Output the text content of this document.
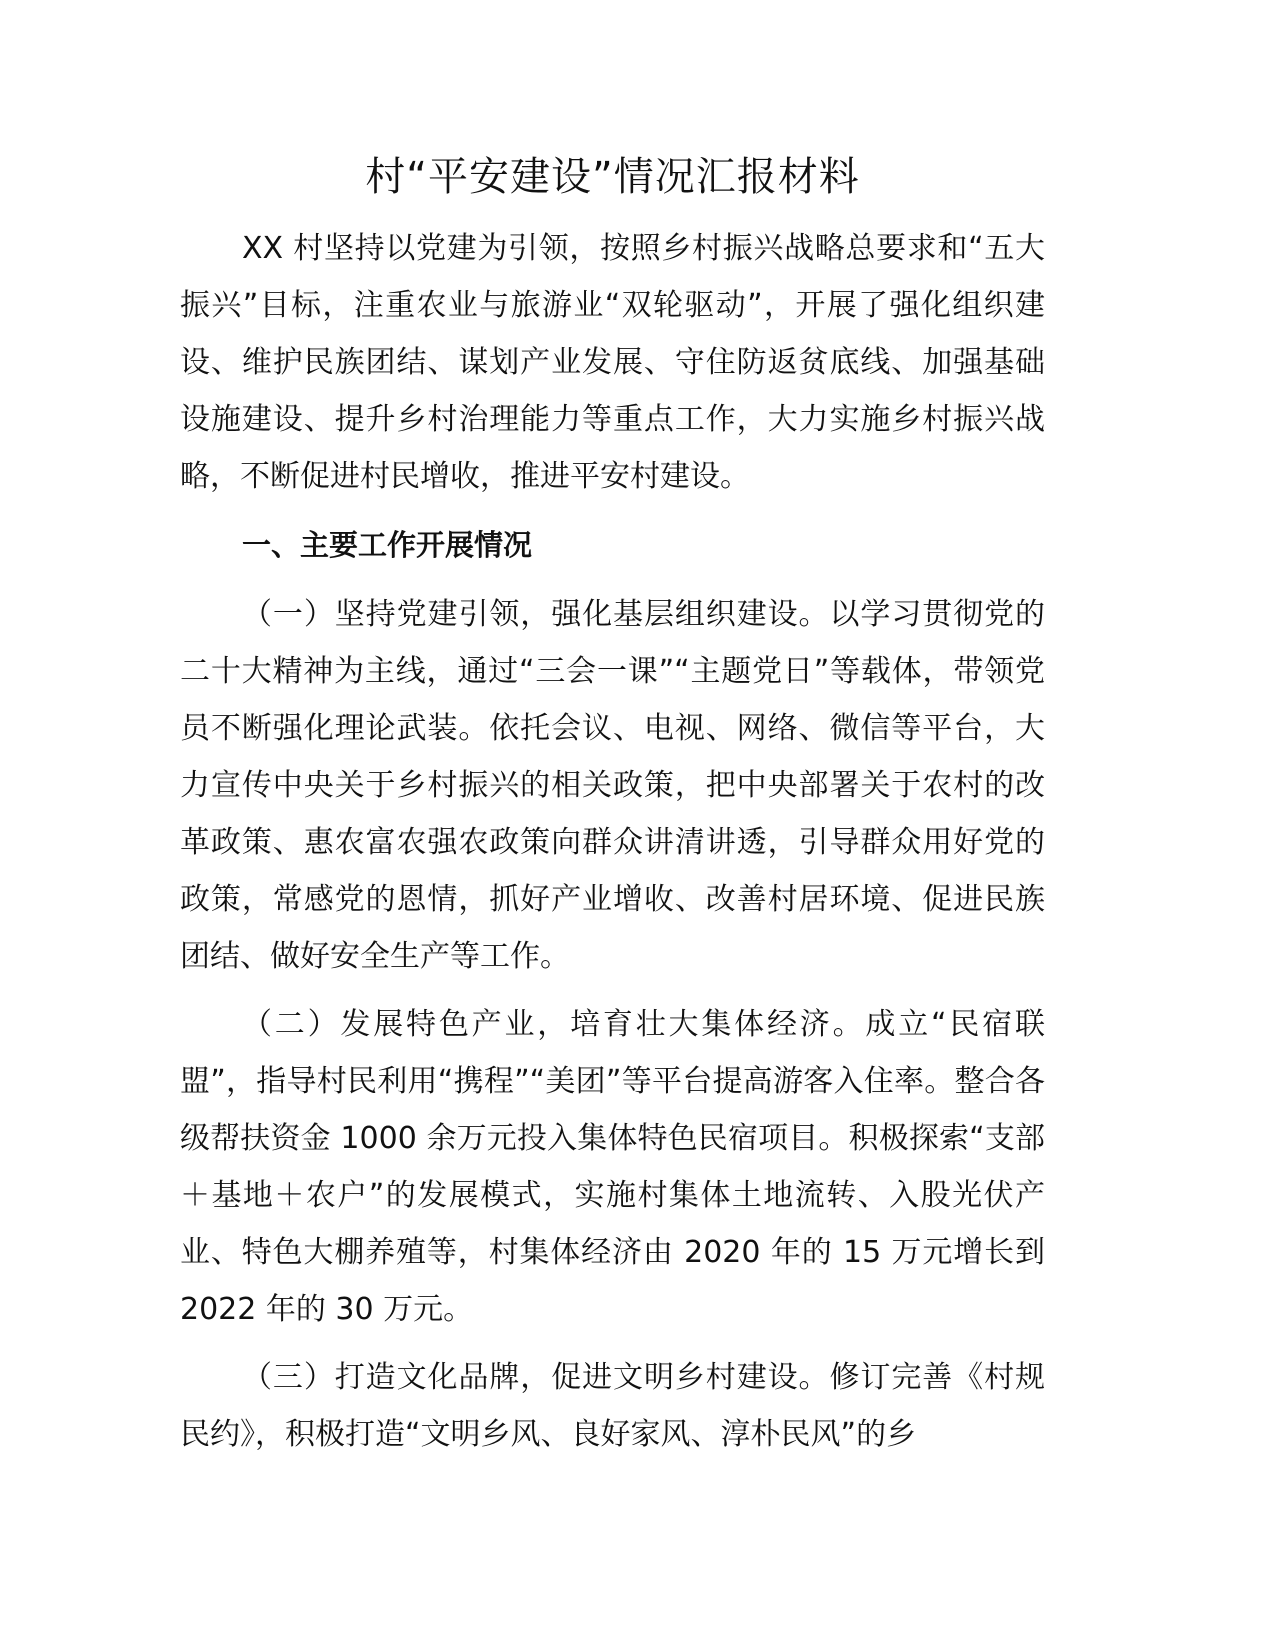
村“平安建设”情况汇报材料

XX 村坚持以党建为引领，按照乡村振兴战略总要求和“五大振兴”目标，注重农业与旅游业“双轮驱动”，开展了强化组织建设、维护民族团结、谋划产业发展、守住防返贫底线、加强基础设施建设、提升乡村治理能力等重点工作，大力实施乡村振兴战略，不断促进村民增收，推进平安村建设。

一、主要工作开展情况

（一）坚持党建引领，强化基层组织建设。以学习贯彻党的二十大精神为主线，通过“三会一课”“主题党日”等载体，带领党员不断强化理论武装。依托会议、电视、网络、微信等平台，大力宣传中央关于乡村振兴的相关政策，把中央部署关于农村的改革政策、惠农富农强农政策向群众讲清讲透，引导群众用好党的政策，常感党的恩情，抓好产业增收、改善村居环境、促进民族团结、做好安全生产等工作。

（二）发展特色产业，培育壮大集体经济。成立“民宿联盟”，指导村民利用“携程”“美团”等平台提高游客入住率。整合各级帮扶资金 1000 余万元投入集体特色民宿项目。积极探索“支部＋基地＋农户”的发展模式，实施村集体土地流转、入股光伏产业、特色大棚养殖等，村集体经济由 2020 年的 15 万元增长到 2022 年的 30 万元。

（三）打造文化品牌，促进文明乡村建设。修订完善《村规民约》，积极打造“文明乡风、良好家风、淳朴民风”的乡
